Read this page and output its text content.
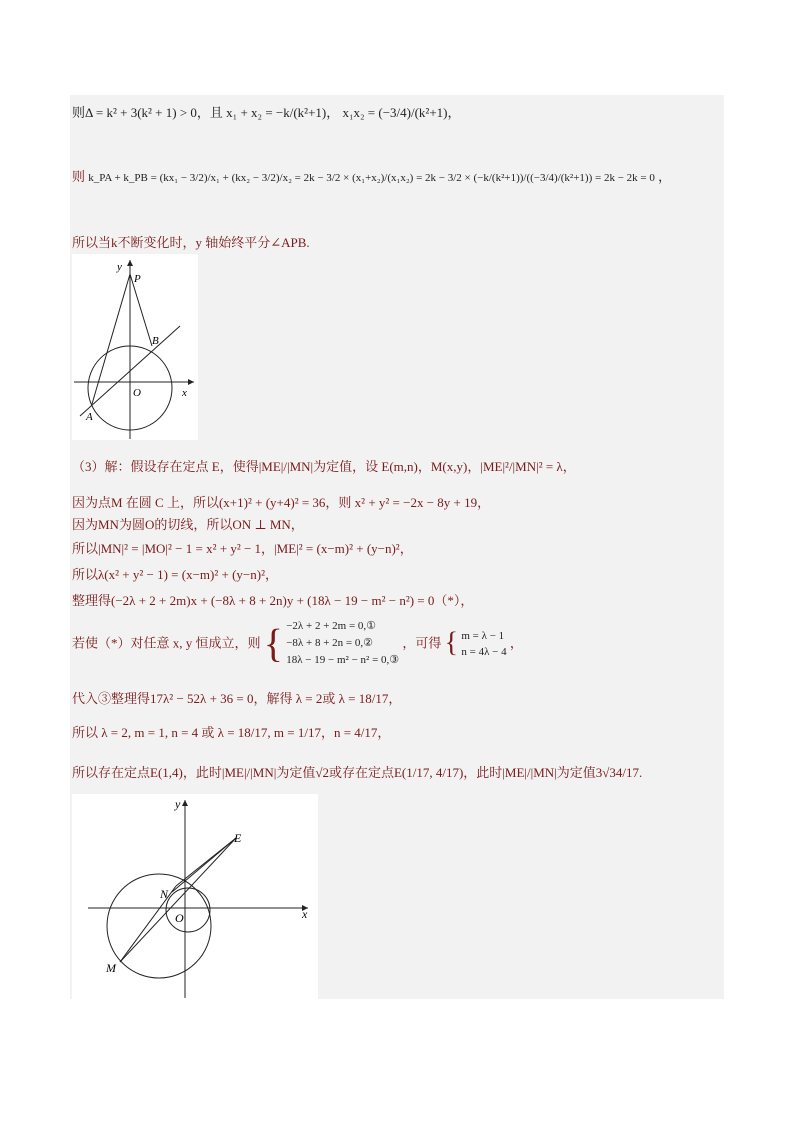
则Δ = k² + 3(k² + 1) > 0，且 x₁ + x₂ = −k/(k²+1)， x₁x₂ = (−3/4)/(k²+1)，
则 k_PA + k_PB = (kx₁ − 3/2)/x₁ + (kx₂ − 3/2)/x₂ = 2k − 3/2 × (x₁+x₂)/(x₁x₂) = 2k − 3/2 × (−k/(k²+1))/((−3/4)/(k²+1)) = 2k − 2k = 0 ，
所以当k不断变化时，y 轴始终平分∠APB.
y
P
B
O	x
A
（3）解：假设存在定点 E，使得|ME|/|MN|为定值，设 E(m,n)，M(x,y)，|ME|²/|MN|² = λ，
因为点M 在圆 C 上，所以(x+1)² + (y+4)² = 36，则 x² + y² = −2x − 8y + 19，
因为MN为圆O的切线，所以ON ⊥ MN，
所以|MN|² = |MO|² − 1 = x² + y² − 1，|ME|² = (x−m)² + (y−n)²，
所以λ(x² + y² − 1) = (x−m)² + (y−n)²，
整理得(−2λ + 2 + 2m)x + (−8λ + 8 + 2n)y + (18λ − 19 − m² − n²) = 0（*），
若使（*）对任意 x, y 恒成立，则 { −2λ + 2 + 2m = 0,①
−8λ + 8 + 2n = 0,②
18λ − 19 − m² − n² = 0,③
，可得 { m = λ − 1
n = 4λ − 4
，
代入③整理得17λ² − 52λ + 36 = 0，解得 λ = 2或 λ = 18/17，
所以 λ = 2, m = 1, n = 4 或 λ = 18/17, m = 1/17，n = 4/17，
所以存在定点E(1,4)，此时|ME|/|MN|为定值√2或存在定点E(1/17, 4/17)，此时|ME|/|MN|为定值3√34/17.
y
E
N
O	x
M
